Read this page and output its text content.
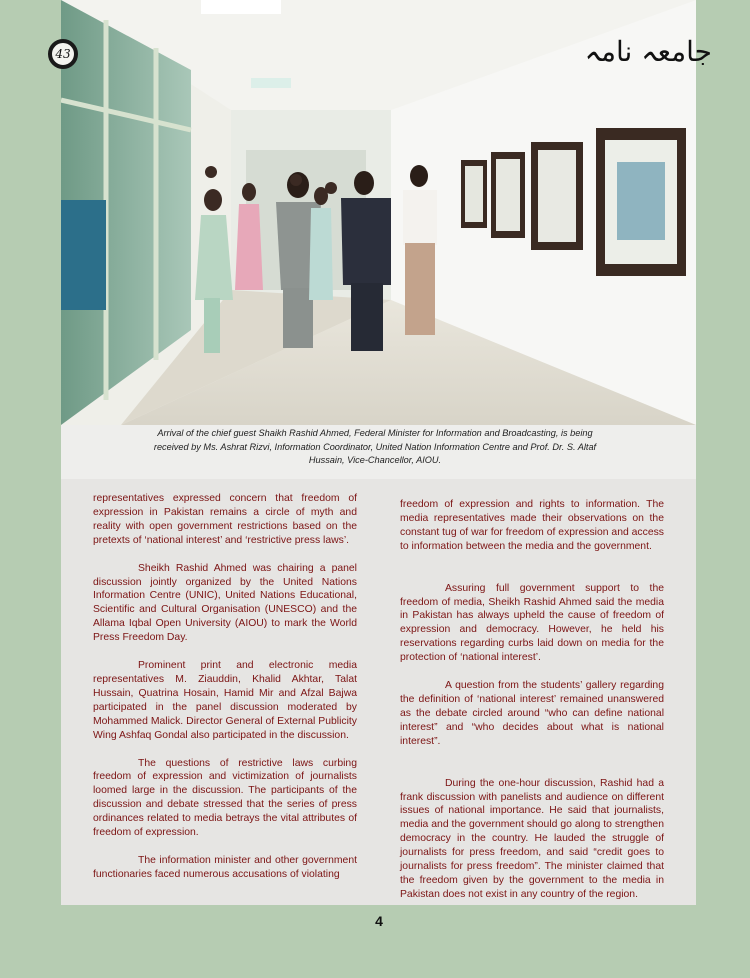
43	جامعہ نامہ
Arrival of the chief guest Shaikh Rashid Ahmed, Federal Minister for Information and Broadcasting, is being received by Ms. Ashrat Rizvi, Information Coordinator, United Nation Information Centre and Prof. Dr. S. Altaf Hussain, Vice-Chancellor, AIOU.

representatives expressed concern that freedom of expression in Pakistan remains a circle of myth and reality with open government restrictions based on the pretexts of ‘national interest’ and ‘restrictive press laws’.

Sheikh Rashid Ahmed was chairing a panel discussion jointly organized by the United Nations Information Centre (UNIC), United Nations Educational, Scientific and Cultural Organisation (UNESCO) and the Allama Iqbal Open University (AIOU) to mark the World Press Freedom Day.

Prominent print and electronic media representatives M. Ziauddin, Khalid Akhtar, Talat Hussain, Quatrina Hosain, Hamid Mir and Afzal Bajwa participated in the panel discussion moderated by Mohammed Malick. Director General of External Publicity Wing Ashfaq Gondal also participated in the discussion.

The questions of restrictive laws curbing freedom of expression and victimization of journalists loomed large in the discussion. The participants of the discussion and debate stressed that the series of press ordinances related to media betrays the vital attributes of freedom of expression.

The information minister and other government functionaries faced numerous accusations of violating

freedom of expression and rights to information. The media representatives made their observations on the constant tug of war for freedom of expression and access to information between the media and the government.

Assuring full government support to the freedom of media, Sheikh Rashid Ahmed said the media in Pakistan has always upheld the cause of freedom of expression and democracy. However, he held his reservations regarding curbs laid down on media for the protection of ‘national interest’.

A question from the students’ gallery regarding the definition of ‘national interest’ remained unanswered as the debate circled around “who can define national interest” and “who decides about what is national interest”.

During the one-hour discussion, Rashid had a frank discussion with panelists and audience on different issues of national importance. He said that journalists, media and the government should go along to strengthen democracy in the country. He lauded the struggle of journalists for press freedom, and said “credit goes to journalists for press freedom”. The minister claimed that the freedom given by the government to the media in Pakistan does not exist in any country of the region.

4
